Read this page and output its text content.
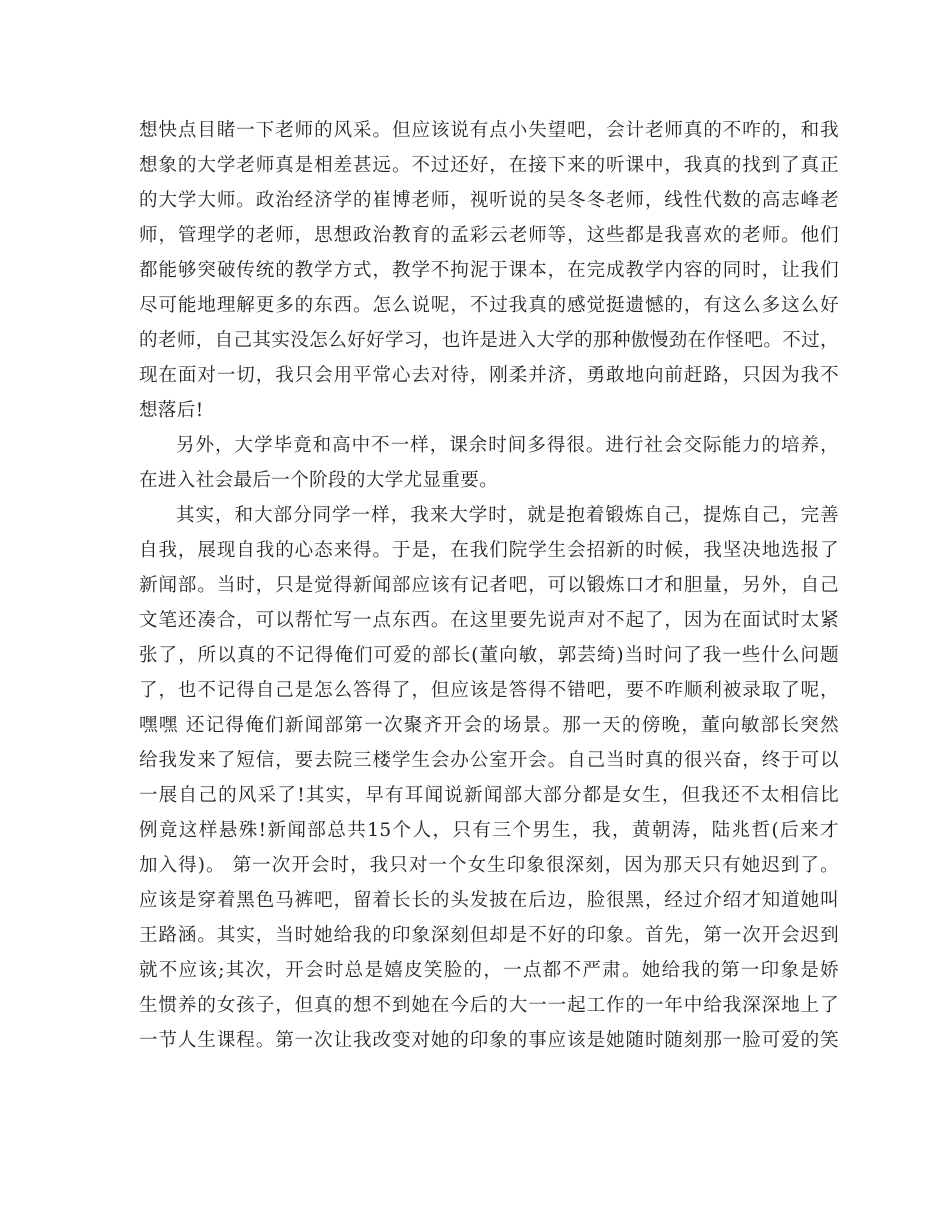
想快点目睹一下老师的风采。但应该说有点小失望吧，会计老师真的不咋的，和我
想象的大学老师真是相差甚远。不过还好，在接下来的听课中，我真的找到了真正
的大学大师。政治经济学的崔博老师，视听说的吴冬冬老师，线性代数的高志峰老
师，管理学的老师，思想政治教育的孟彩云老师等，这些都是我喜欢的老师。他们
都能够突破传统的教学方式，教学不拘泥于课本，在完成教学内容的同时，让我们
尽可能地理解更多的东西。怎么说呢，不过我真的感觉挺遗憾的，有这么多这么好
的老师，自己其实没怎么好好学习，也许是进入大学的那种傲慢劲在作怪吧。不过，
现在面对一切，我只会用平常心去对待，刚柔并济，勇敢地向前赶路，只因为我不
想落后!
另外，大学毕竟和高中不一样，课余时间多得很。进行社会交际能力的培养，
在进入社会最后一个阶段的大学尤显重要。
其实，和大部分同学一样，我来大学时，就是抱着锻炼自己，提炼自己，完善
自我，展现自我的心态来得。于是，在我们院学生会招新的时候，我坚决地选报了
新闻部。当时，只是觉得新闻部应该有记者吧，可以锻炼口才和胆量，另外，自己
文笔还凑合，可以帮忙写一点东西。在这里要先说声对不起了，因为在面试时太紧
张了，所以真的不记得俺们可爱的部长(董向敏，郭芸绮)当时问了我一些什么问题
了，也不记得自己是怎么答得了，但应该是答得不错吧，要不咋顺利被录取了呢，
嘿嘿 还记得俺们新闻部第一次聚齐开会的场景。那一天的傍晚，董向敏部长突然
给我发来了短信，要去院三楼学生会办公室开会。自己当时真的很兴奋，终于可以
一展自己的风采了!其实，早有耳闻说新闻部大部分都是女生，但我还不太相信比
例竟这样悬殊!新闻部总共15个人，只有三个男生，我，黄朝涛，陆兆哲(后来才
加入得)。 第一次开会时，我只对一个女生印象很深刻，因为那天只有她迟到了。
应该是穿着黑色马裤吧，留着长长的头发披在后边，脸很黑，经过介绍才知道她叫
王路涵。其实，当时她给我的印象深刻但却是不好的印象。首先，第一次开会迟到
就不应该;其次，开会时总是嬉皮笑脸的，一点都不严肃。她给我的第一印象是娇
生惯养的女孩子，但真的想不到她在今后的大一一起工作的一年中给我深深地上了
一节人生课程。第一次让我改变对她的印象的事应该是她随时随刻那一脸可爱的笑
